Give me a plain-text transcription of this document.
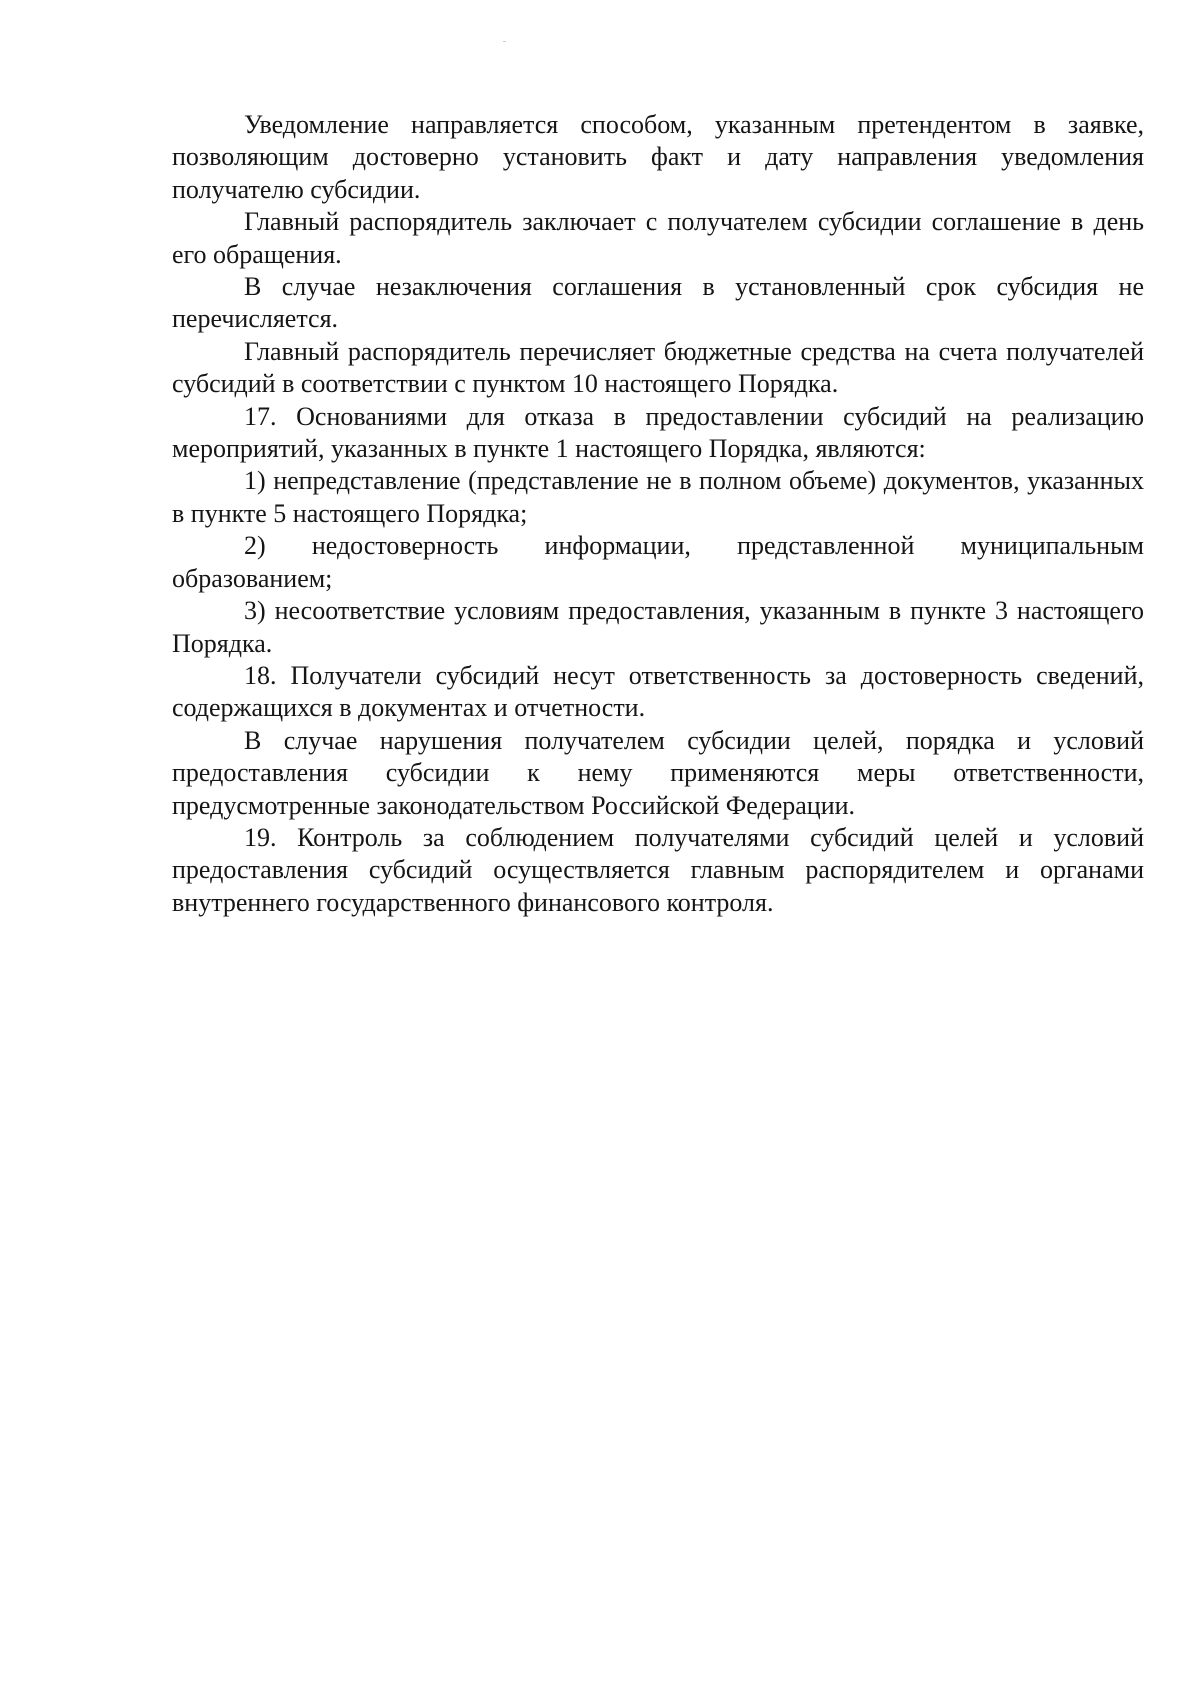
Уведомление направляется способом, указанным претендентом в заявке, позволяющим достоверно установить факт и дату направления уведомления получателю субсидии.

Главный распорядитель заключает с получателем субсидии соглашение в день его обращения.

В случае незаключения соглашения в установленный срок субсидия не перечисляется.

Главный распорядитель перечисляет бюджетные средства на счета получателей субсидий в соответствии с пунктом 10 настоящего Порядка.

17. Основаниями для отказа в предоставлении субсидий на реализацию мероприятий, указанных в пункте 1 настоящего Порядка, являются:

1) непредставление (представление не в полном объеме) документов, указанных в пункте 5 настоящего Порядка;

2) недостоверность информации, представленной муниципальным образованием;

3) несоответствие условиям предоставления, указанным в пункте 3 настоящего Порядка.

18. Получатели субсидий несут ответственность за достоверность сведений, содержащихся в документах и отчетности.

В случае нарушения получателем субсидии целей, порядка и условий предоставления субсидии к нему применяются меры ответственности, предусмотренные законодательством Российской Федерации.

19. Контроль за соблюдением получателями субсидий целей и условий предоставления субсидий осуществляется главным распорядителем и органами внутреннего государственного финансового контроля.
